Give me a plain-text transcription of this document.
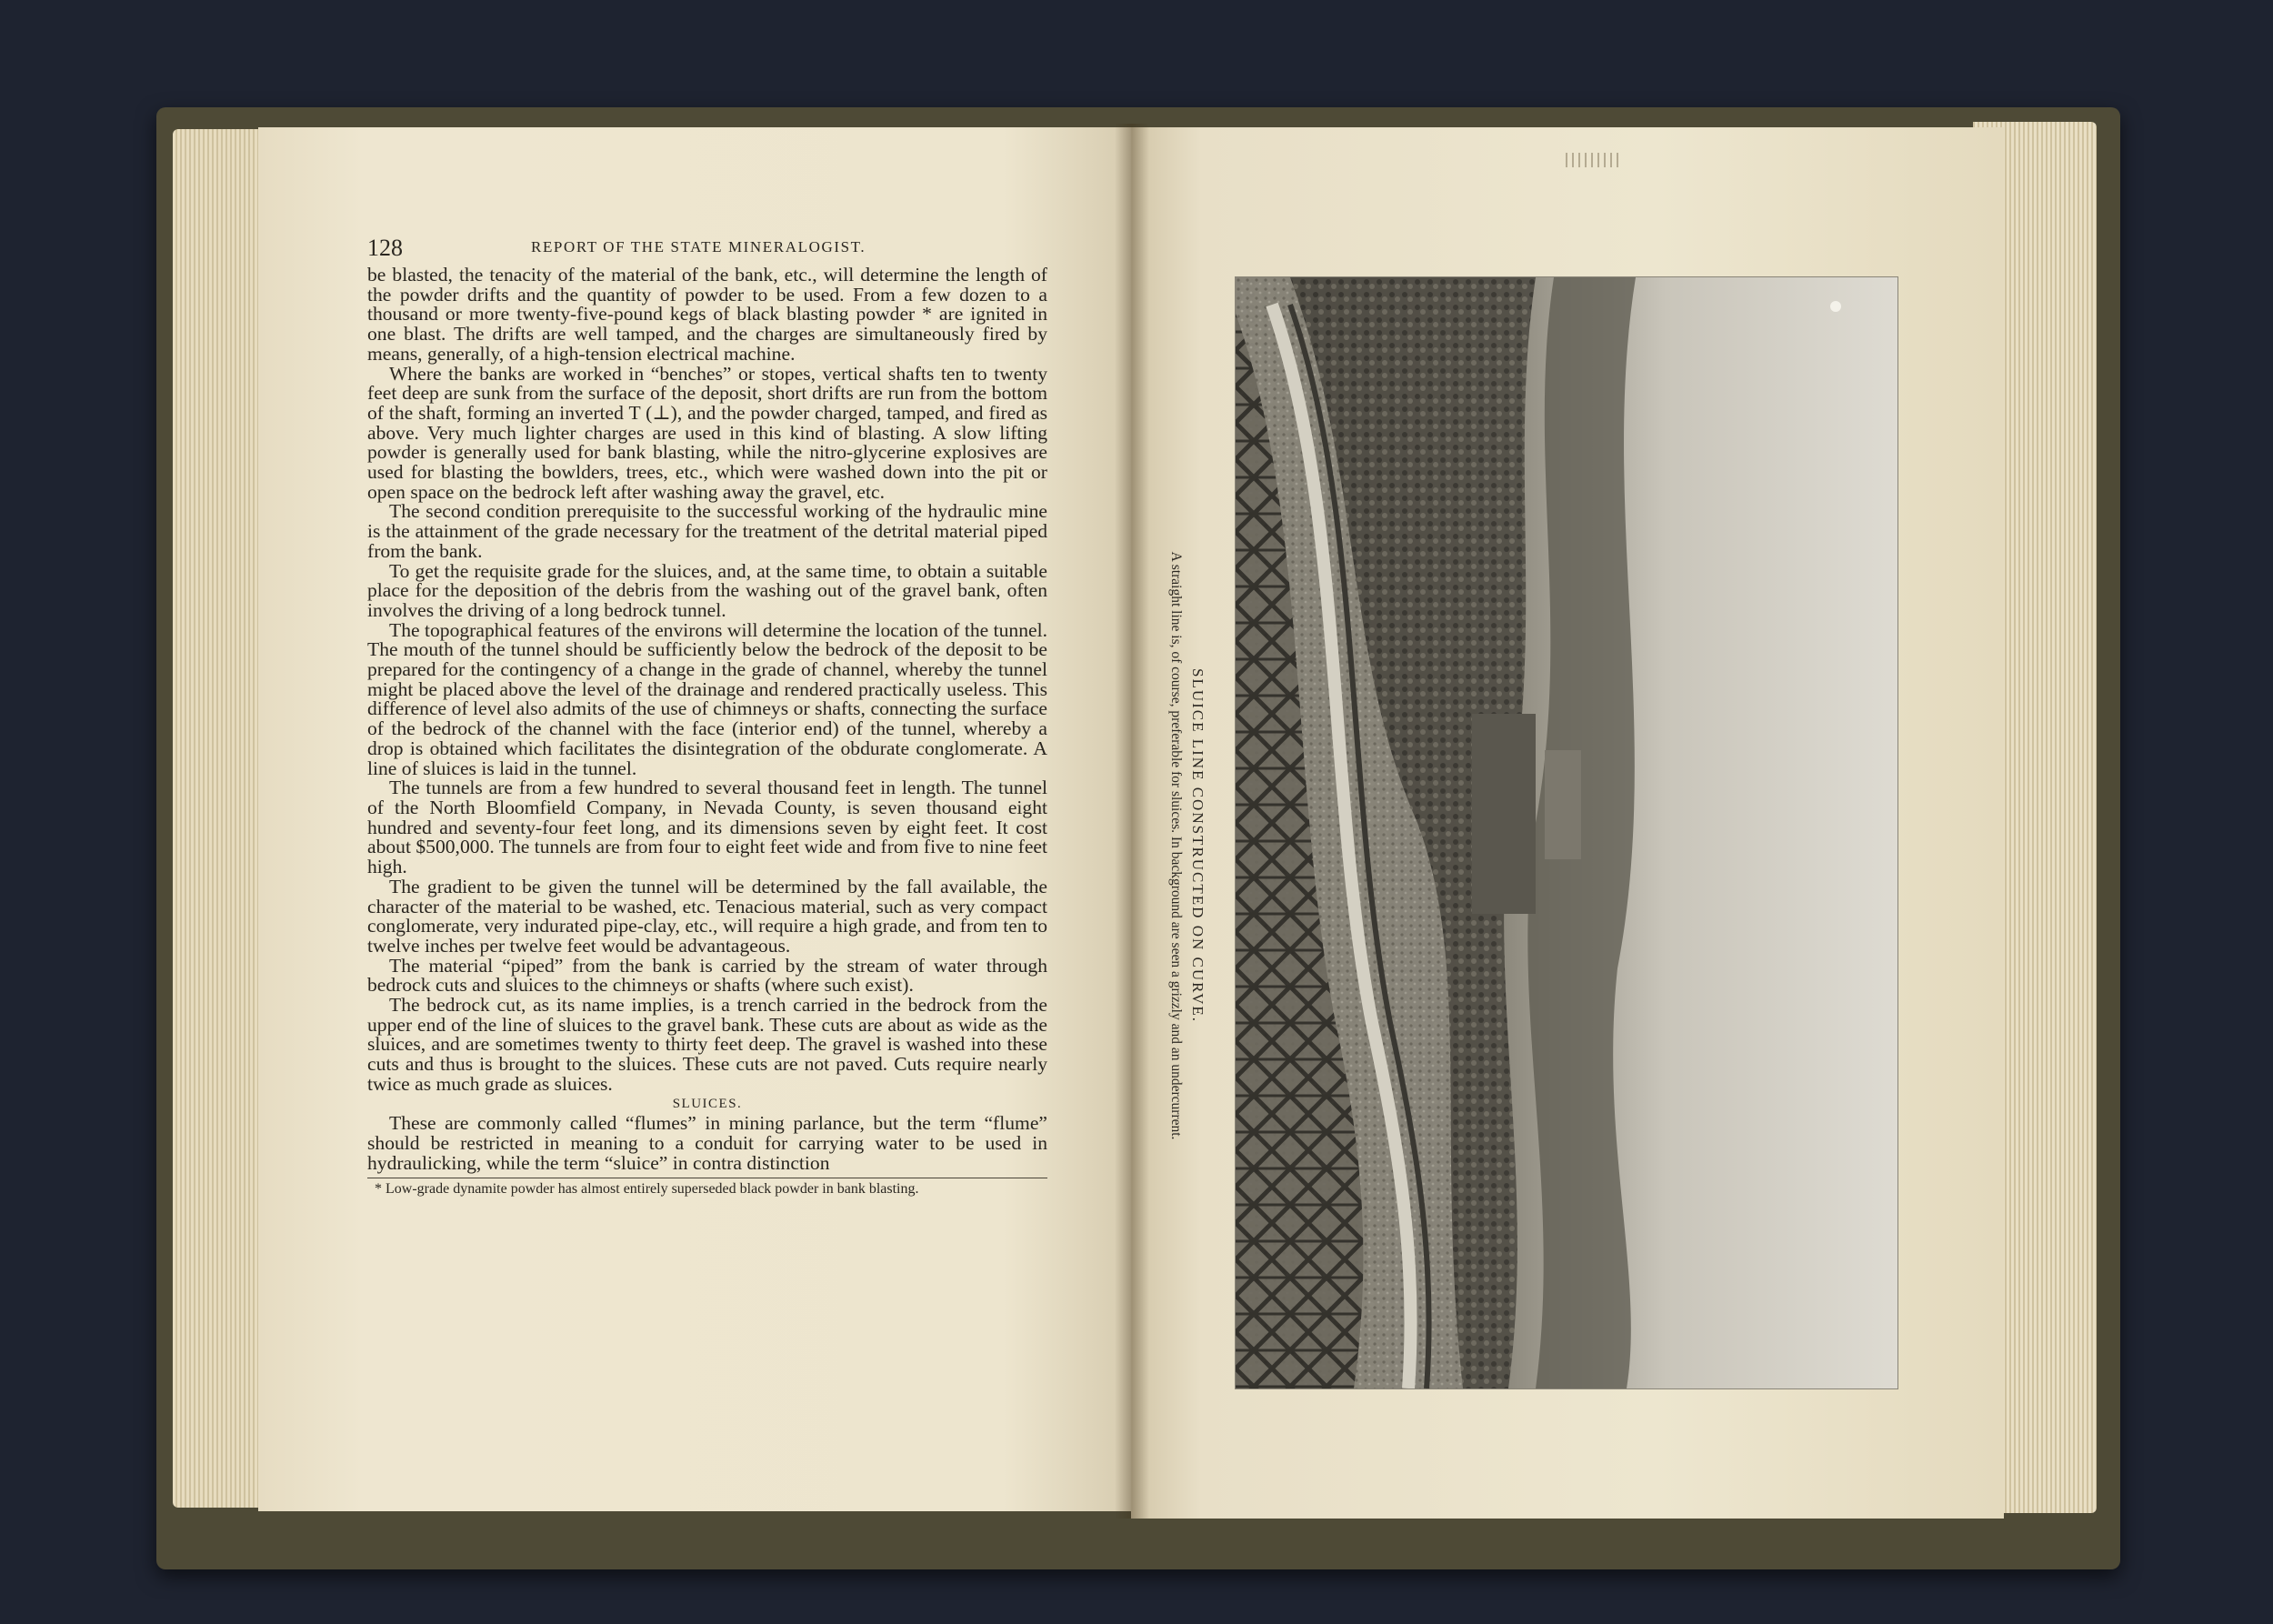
128	REPORT OF THE STATE MINERALOGIST.

be blasted, the tenacity of the material of the bank, etc., will determine the length of the powder drifts and the quantity of powder to be used. From a few dozen to a thousand or more twenty-five-pound kegs of black blasting powder * are ignited in one blast. The drifts are well tamped, and the charges are simultaneously fired by means, generally, of a high-tension electrical machine.

Where the banks are worked in “benches” or stopes, vertical shafts ten to twenty feet deep are sunk from the surface of the deposit, short drifts are run from the bottom of the shaft, forming an inverted T (⊥), and the powder charged, tamped, and fired as above. Very much lighter charges are used in this kind of blasting. A slow lifting powder is generally used for bank blasting, while the nitro-glycerine explosives are used for blasting the bowlders, trees, etc., which were washed down into the pit or open space on the bedrock left after washing away the gravel, etc.

The second condition prerequisite to the successful working of the hydraulic mine is the attainment of the grade necessary for the treatment of the detrital material piped from the bank.

To get the requisite grade for the sluices, and, at the same time, to obtain a suitable place for the deposition of the debris from the washing out of the gravel bank, often involves the driving of a long bedrock tunnel.

The topographical features of the environs will determine the location of the tunnel. The mouth of the tunnel should be sufficiently below the bedrock of the deposit to be prepared for the contingency of a change in the grade of channel, whereby the tunnel might be placed above the level of the drainage and rendered practically useless. This difference of level also admits of the use of chimneys or shafts, connecting the surface of the bedrock of the channel with the face (interior end) of the tunnel, whereby a drop is obtained which facilitates the disintegration of the obdurate conglomerate. A line of sluices is laid in the tunnel.

The tunnels are from a few hundred to several thousand feet in length. The tunnel of the North Bloomfield Company, in Nevada County, is seven thousand eight hundred and seventy-four feet long, and its dimensions seven by eight feet. It cost about $500,000. The tunnels are from four to eight feet wide and from five to nine feet high.

The gradient to be given the tunnel will be determined by the fall available, the character of the material to be washed, etc. Tenacious material, such as very compact conglomerate, very indurated pipe-clay, etc., will require a high grade, and from ten to twelve inches per twelve feet would be advantageous.

The material “piped” from the bank is carried by the stream of water through bedrock cuts and sluices to the chimneys or shafts (where such exist).

The bedrock cut, as its name implies, is a trench carried in the bedrock from the upper end of the line of sluices to the gravel bank. These cuts are about as wide as the sluices, and are sometimes twenty to thirty feet deep. The gravel is washed into these cuts and thus is brought to the sluices. These cuts are not paved. Cuts require nearly twice as much grade as sluices.

SLUICES.

These are commonly called “flumes” in mining parlance, but the term “flume” should be restricted in meaning to a conduit for carrying water to be used in hydraulicking, while the term “sluice” in contra distinction

* Low-grade dynamite powder has almost entirely superseded black powder in bank blasting.

SLUICE LINE CONSTRUCTED ON CURVE.
A straight line is, of course, preferable for sluices. In background are seen a grizzly and an undercurrent.
